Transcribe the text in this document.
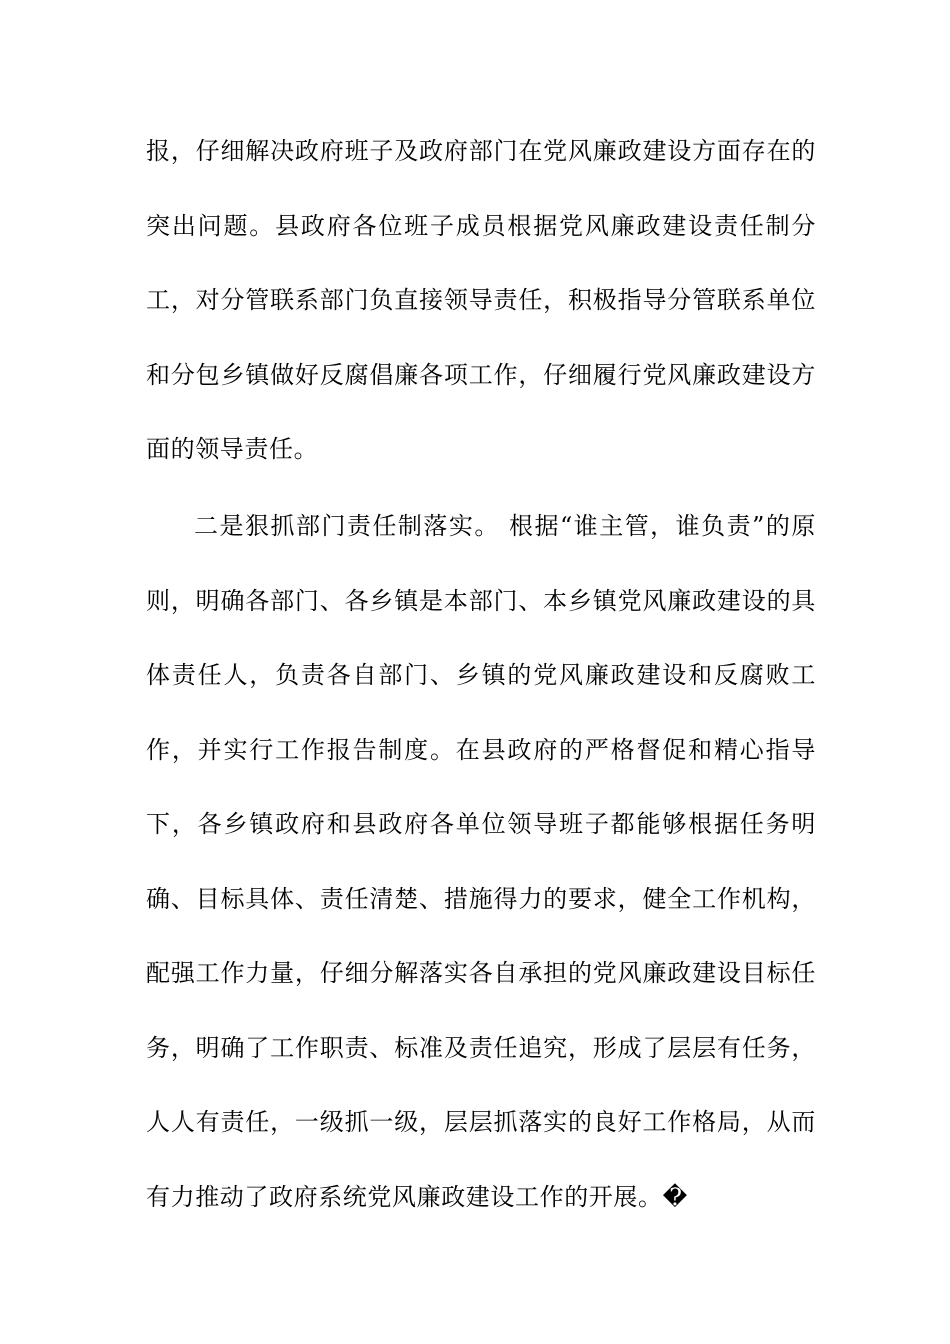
报，仔细解决政府班子及政府部门在党风廉政建设方面存在的突出问题。县政府各位班子成员根据党风廉政建设责任制分工，对分管联系部门负直接领导责任，积极指导分管联系单位和分包乡镇做好反腐倡廉各项工作，仔细履行党风廉政建设方面的领导责任。

二是狠抓部门责任制落实。 根据“谁主管，谁负责”的原则，明确各部门、各乡镇是本部门、本乡镇党风廉政建设的具体责任人，负责各自部门、乡镇的党风廉政建设和反腐败工作，并实行工作报告制度。在县政府的严格督促和精心指导下，各乡镇政府和县政府各单位领导班子都能够根据任务明确、目标具体、责任清楚、措施得力的要求，健全工作机构，配强工作力量，仔细分解落实各自承担的党风廉政建设目标任务，明确了工作职责、标准及责任追究，形成了层层有任务，人人有责任，一级抓一级，层层抓落实的良好工作格局，从而有力推动了政府系统党风廉政建设工作的开展。�
